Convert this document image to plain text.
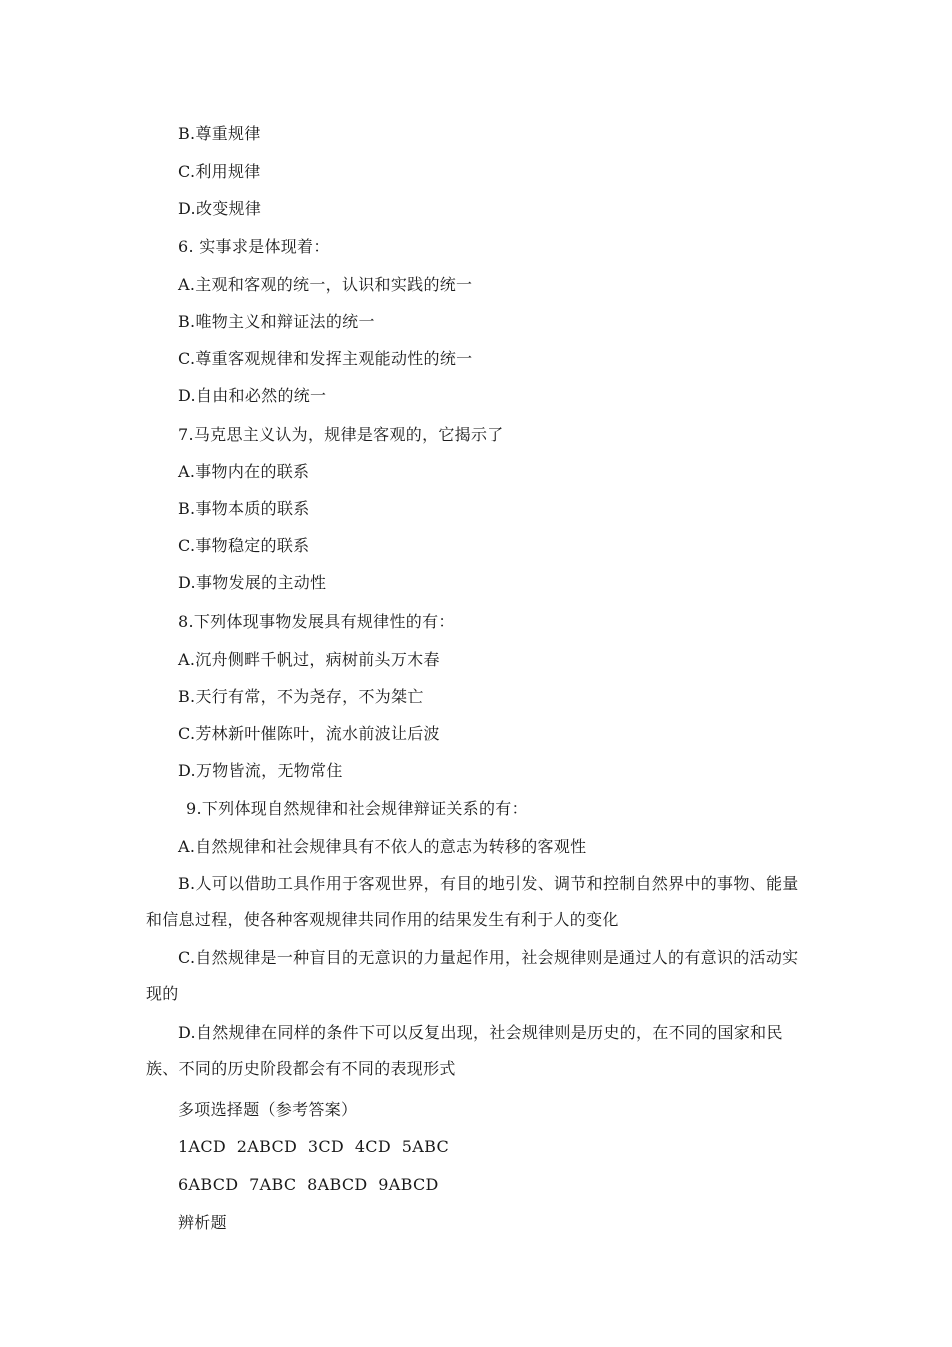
B.尊重规律
C.利用规律
D.改变规律
6. 实事求是体现着：
A.主观和客观的统一，认识和实践的统一
B.唯物主义和辩证法的统一
C.尊重客观规律和发挥主观能动性的统一
D.自由和必然的统一
7.马克思主义认为，规律是客观的，它揭示了
A.事物内在的联系
B.事物本质的联系
C.事物稳定的联系
D.事物发展的主动性
8.下列体现事物发展具有规律性的有：
A.沉舟侧畔千帆过，病树前头万木春
B.天行有常，不为尧存，不为桀亡
C.芳林新叶催陈叶，流水前波让后波
D.万物皆流，无物常住
9.下列体现自然规律和社会规律辩证关系的有：
A.自然规律和社会规律具有不依人的意志为转移的客观性
B.人可以借助工具作用于客观世界，有目的地引发、调节和控制自然界中的事物、能量和信息过程，使各种客观规律共同作用的结果发生有利于人的变化
C.自然规律是一种盲目的无意识的力量起作用，社会规律则是通过人的有意识的活动实现的
D.自然规律在同样的条件下可以反复出现，社会规律则是历史的，在不同的国家和民族、不同的历史阶段都会有不同的表现形式
多项选择题（参考答案）
1ACD  2ABCD  3CD  4CD  5ABC
6ABCD  7ABC  8ABCD  9ABCD
辨析题
